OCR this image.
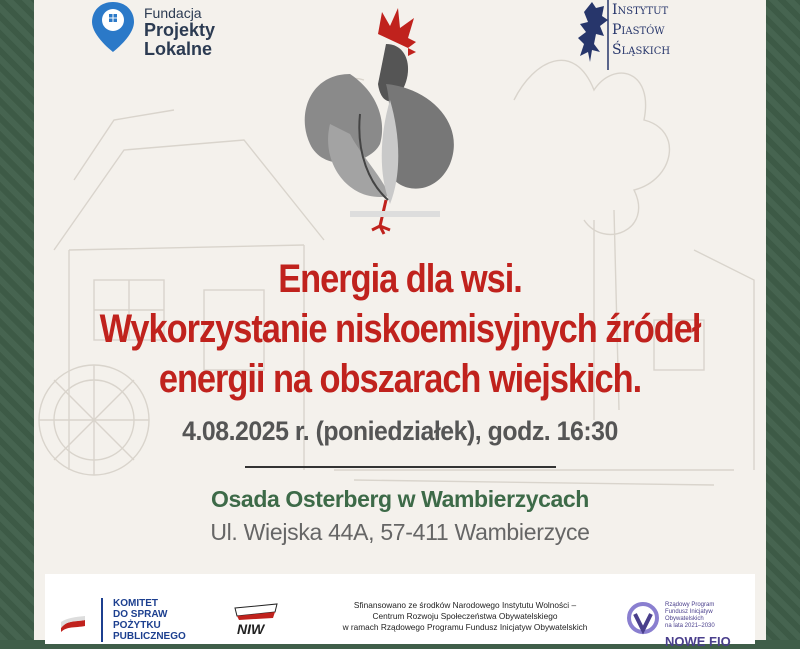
Fundacja
Projekty
Lokalne
Instytut
Piastów
Śląskich
Energia dla wsi.
Wykorzystanie niskoemisyjnych źródeł
energii na obszarach wiejskich.
4.08.2025 r. (poniedziałek), godz. 16:30
Osada Osterberg w Wambierzycach
Ul. Wiejska 44A, 57-411 Wambierzyce
KOMITET
DO SPRAW
POŻYTKU
PUBLICZNEGO	NIW
Sfinansowano ze środków Narodowego Instytutu Wolności –
Centrum Rozwoju Społeczeństwa Obywatelskiego
w ramach Rządowego Programu Fundusz Inicjatyw Obywatelskich
Rządowy Program
Fundusz Inicjatyw
Obywatelskich
na lata 2021–2030
NOWE FIO
